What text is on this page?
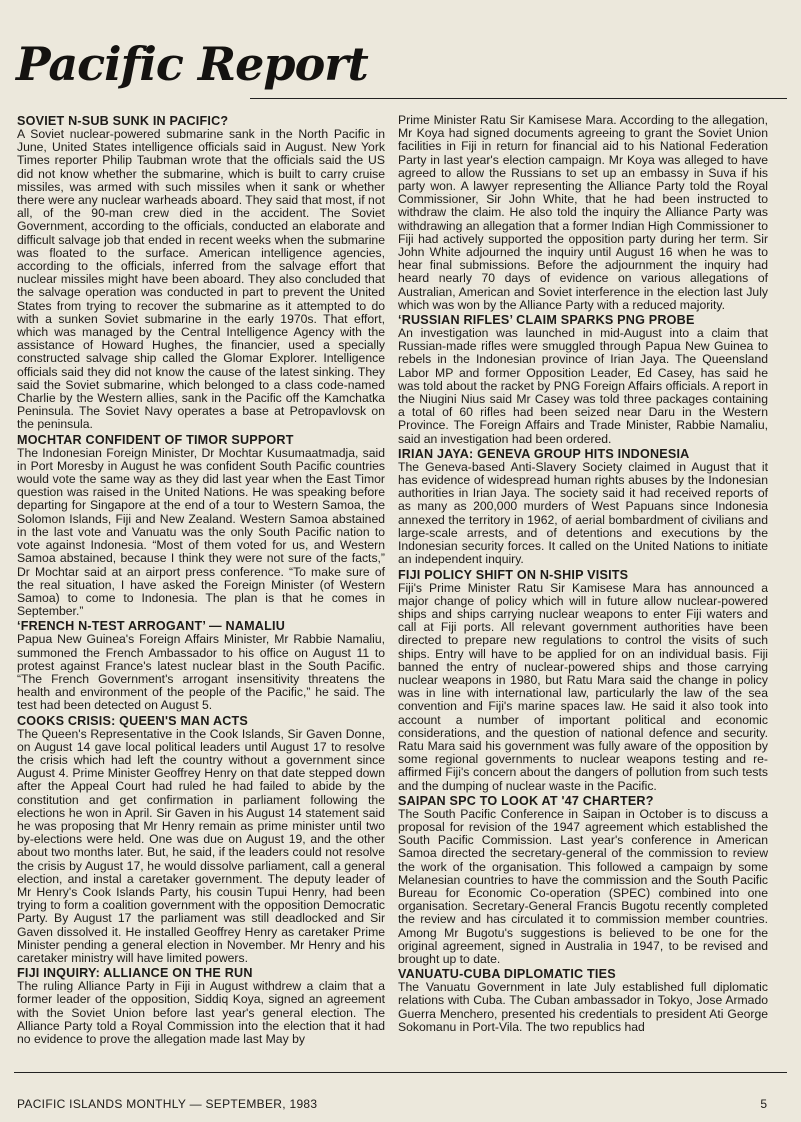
Pacific Report
SOVIET N-SUB SUNK IN PACIFIC?

A Soviet nuclear-powered submarine sank in the North Pacific in June, United States intelligence officials said in August. New York Times reporter Philip Taubman wrote that the officials said the US did not know whether the submarine, which is built to carry cruise missiles, was armed with such missiles when it sank or whether there were any nuclear warheads aboard. They said that most, if not all, of the 90-man crew died in the accident. The Soviet Government, according to the officials, conducted an elaborate and difficult salvage job that ended in recent weeks when the submarine was floated to the surface. American intelligence agencies, according to the officials, inferred from the salvage effort that nuclear missiles might have been aboard. They also concluded that the salvage operation was conducted in part to prevent the United States from trying to recover the submarine as it attempted to do with a sunken Soviet submarine in the early 1970s. That effort, which was managed by the Central Intelligence Agency with the assistance of Howard Hughes, the financier, used a specially constructed salvage ship called the Glomar Explorer. Intelligence officials said they did not know the cause of the latest sinking. They said the Soviet submarine, which belonged to a class code-named Charlie by the Western allies, sank in the Pacific off the Kamchatka Peninsula. The Soviet Navy operates a base at Petropavlovsk on the peninsula.

MOCHTAR CONFIDENT OF TIMOR SUPPORT

The Indonesian Foreign Minister, Dr Mochtar Kusumaatmadja, said in Port Moresby in August he was confident South Pacific countries would vote the same way as they did last year when the East Timor question was raised in the United Nations. He was speaking before departing for Singapore at the end of a tour to Western Samoa, the Solomon Islands, Fiji and New Zealand. Western Samoa abstained in the last vote and Vanuatu was the only South Pacific nation to vote against Indonesia. “Most of them voted for us, and Western Samoa abstained, because I think they were not sure of the facts,” Dr Mochtar said at an airport press conference. “To make sure of the real situation, I have asked the Foreign Minister (of Western Samoa) to come to Indonesia. The plan is that he comes in September.”

‘FRENCH N-TEST ARROGANT’ — NAMALIU

Papua New Guinea's Foreign Affairs Minister, Mr Rabbie Namaliu, summoned the French Ambassador to his office on August 11 to protest against France's latest nuclear blast in the South Pacific. “The French Government's arrogant insensitivity threatens the health and environment of the people of the Pacific,” he said. The test had been detected on August 5.

COOKS CRISIS: QUEEN'S MAN ACTS

The Queen's Representative in the Cook Islands, Sir Gaven Donne, on August 14 gave local political leaders until August 17 to resolve the crisis which had left the country without a government since August 4. Prime Minister Geoffrey Henry on that date stepped down after the Appeal Court had ruled he had failed to abide by the constitution and get confirmation in parliament following the elections he won in April. Sir Gaven in his August 14 statement said he was proposing that Mr Henry remain as prime minister until two by-elections were held. One was due on August 19, and the other about two months later. But, he said, if the leaders could not resolve the crisis by August 17, he would dissolve parliament, call a general election, and instal a caretaker government. The deputy leader of Mr Henry's Cook Islands Party, his cousin Tupui Henry, had been trying to form a coalition government with the opposition Democratic Party. By August 17 the parliament was still deadlocked and Sir Gaven dissolved it. He installed Geoffrey Henry as caretaker Prime Minister pending a general election in November. Mr Henry and his caretaker ministry will have limited powers.

FIJI INQUIRY: ALLIANCE ON THE RUN

The ruling Alliance Party in Fiji in August withdrew a claim that a former leader of the opposition, Siddiq Koya, signed an agreement with the Soviet Union before last year's general election. The Alliance Party told a Royal Commission into the election that it had no evidence to prove the allegation made last May by

Prime Minister Ratu Sir Kamisese Mara. According to the allegation, Mr Koya had signed documents agreeing to grant the Soviet Union facilities in Fiji in return for financial aid to his National Federation Party in last year's election campaign. Mr Koya was alleged to have agreed to allow the Russians to set up an embassy in Suva if his party won. A lawyer representing the Alliance Party told the Royal Commissioner, Sir John White, that he had been instructed to withdraw the claim. He also told the inquiry the Alliance Party was withdrawing an allegation that a former Indian High Commissioner to Fiji had actively supported the opposition party during her term. Sir John White adjourned the inquiry until August 16 when he was to hear final submissions. Before the adjournment the inquiry had heard nearly 70 days of evidence on various allegations of Australian, American and Soviet interference in the election last July which was won by the Alliance Party with a reduced majority.

‘RUSSIAN RIFLES’ CLAIM SPARKS PNG PROBE

An investigation was launched in mid-August into a claim that Russian-made rifles were smuggled through Papua New Guinea to rebels in the Indonesian province of Irian Jaya. The Queensland Labor MP and former Opposition Leader, Ed Casey, has said he was told about the racket by PNG Foreign Affairs officials. A report in the Niugini Nius said Mr Casey was told three packages containing a total of 60 rifles had been seized near Daru in the Western Province. The Foreign Affairs and Trade Minister, Rabbie Namaliu, said an investigation had been ordered.

IRIAN JAYA: GENEVA GROUP HITS INDONESIA

The Geneva-based Anti-Slavery Society claimed in August that it has evidence of widespread human rights abuses by the Indonesian authorities in Irian Jaya. The society said it had received reports of as many as 200,000 murders of West Papuans since Indonesia annexed the territory in 1962, of aerial bombardment of civilians and large-scale arrests, and of detentions and executions by the Indonesian security forces. It called on the United Nations to initiate an independent inquiry.

FIJI POLICY SHIFT ON N-SHIP VISITS

Fiji's Prime Minister Ratu Sir Kamisese Mara has announced a major change of policy which will in future allow nuclear-powered ships and ships carrying nuclear weapons to enter Fiji waters and call at Fiji ports. All relevant government authorities have been directed to prepare new regulations to control the visits of such ships. Entry will have to be applied for on an individual basis. Fiji banned the entry of nuclear-powered ships and those carrying nuclear weapons in 1980, but Ratu Mara said the change in policy was in line with international law, particularly the law of the sea convention and Fiji's marine spaces law. He said it also took into account a number of important political and economic considerations, and the question of national defence and security. Ratu Mara said his government was fully aware of the opposition by some regional governments to nuclear weapons testing and re-affirmed Fiji's concern about the dangers of pollution from such tests and the dumping of nuclear waste in the Pacific.

SAIPAN SPC TO LOOK AT '47 CHARTER?

The South Pacific Conference in Saipan in October is to discuss a proposal for revision of the 1947 agreement which established the South Pacific Commission. Last year's conference in American Samoa directed the secretary-general of the commission to review the work of the organisation. This followed a campaign by some Melanesian countries to have the commission and the South Pacific Bureau for Economic Co-operation (SPEC) combined into one organisation. Secretary-General Francis Bugotu recently completed the review and has circulated it to commission member countries. Among Mr Bugotu's suggestions is believed to be one for the original agreement, signed in Australia in 1947, to be revised and brought up to date.

VANUATU-CUBA DIPLOMATIC TIES

The Vanuatu Government in late July established full diplomatic relations with Cuba. The Cuban ambassador in Tokyo, Jose Armado Guerra Menchero, presented his credentials to president Ati George Sokomanu in Port-Vila. The two republics had

PACIFIC ISLANDS MONTHLY — SEPTEMBER, 1983	5
